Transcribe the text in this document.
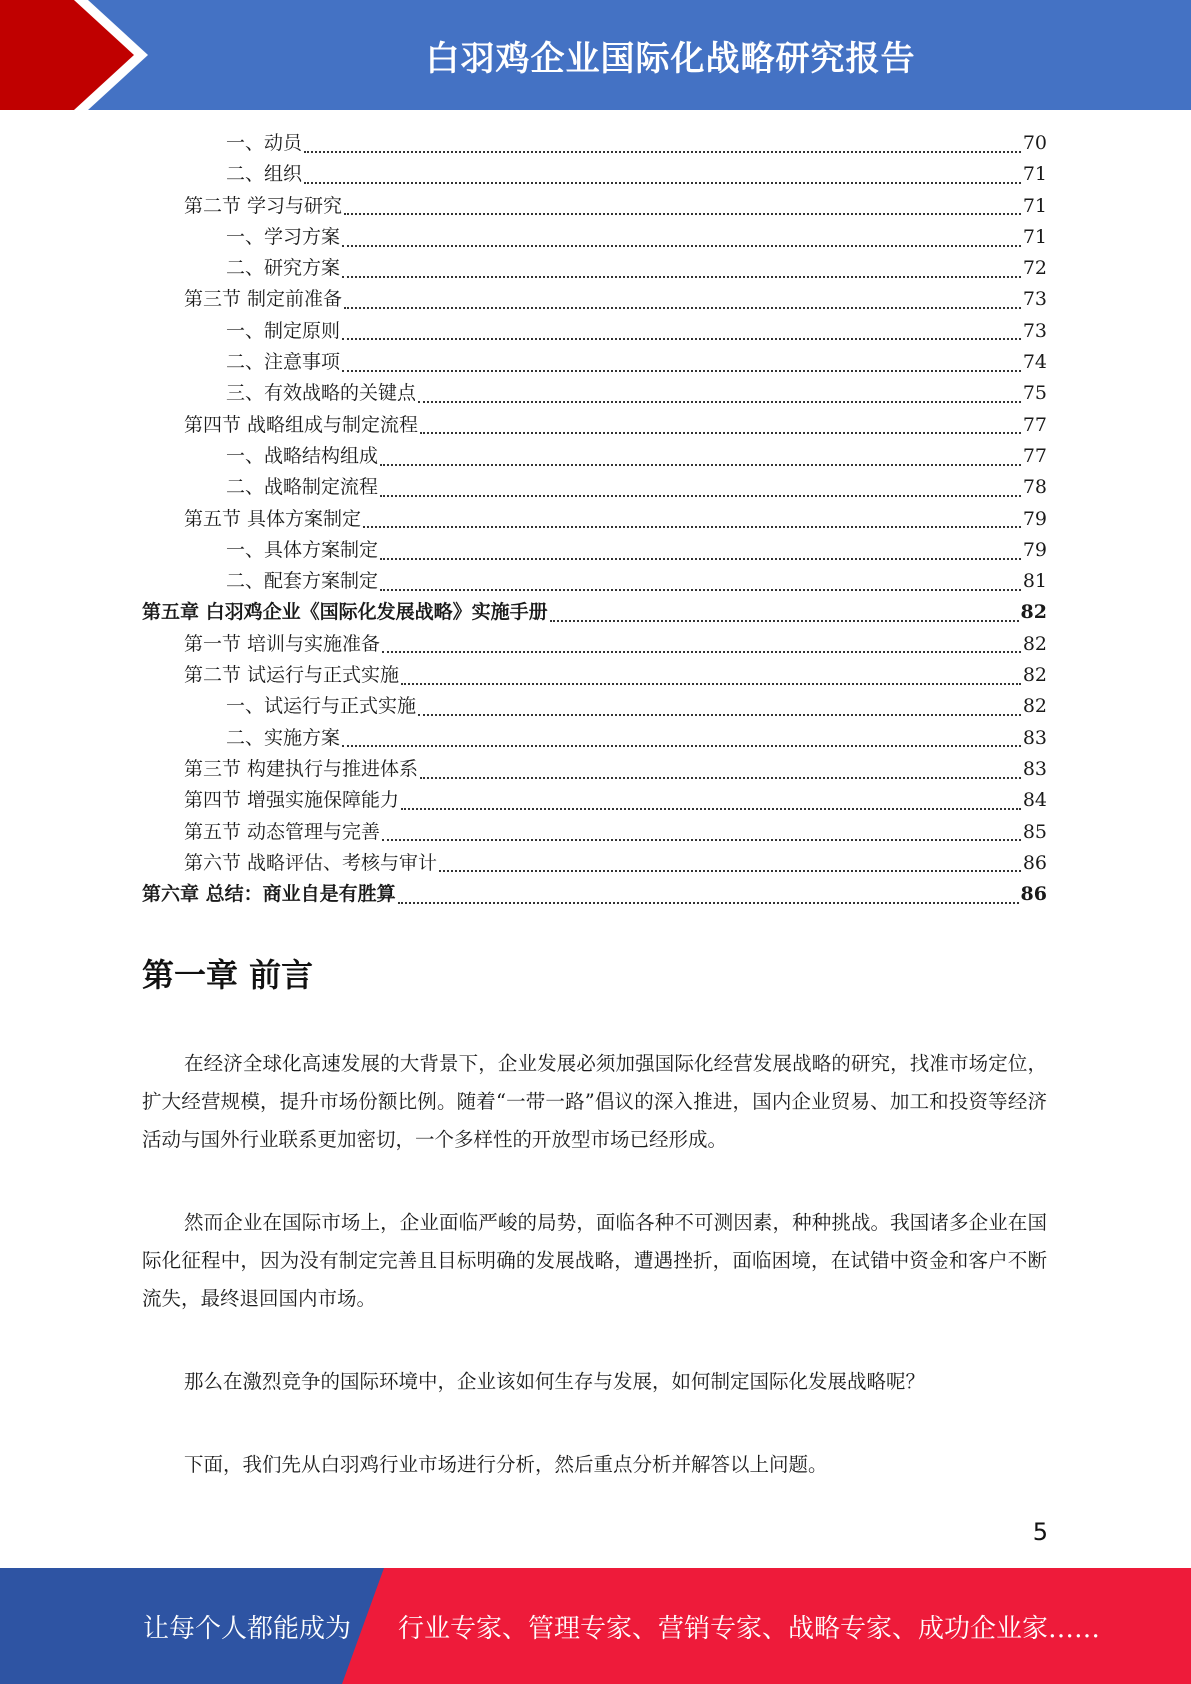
白羽鸡企业国际化战略研究报告
一、动员	70
二、组织	71
第二节 学习与研究	71
一、学习方案	71
二、研究方案	72
第三节 制定前准备	73
一、制定原则	73
二、注意事项	74
三、有效战略的关键点	75
第四节 战略组成与制定流程	77
一、战略结构组成	77
二、战略制定流程	78
第五节 具体方案制定	79
一、具体方案制定	79
二、配套方案制定	81
第五章 白羽鸡企业《国际化发展战略》实施手册	82
第一节 培训与实施准备	82
第二节 试运行与正式实施	82
一、试运行与正式实施	82
二、实施方案	83
第三节 构建执行与推进体系	83
第四节 增强实施保障能力	84
第五节 动态管理与完善	85
第六节 战略评估、考核与审计	86
第六章 总结：商业自是有胜算	86
第一章 前言

在经济全球化高速发展的大背景下，企业发展必须加强国际化经营发展战略的研究，找准市场定位，扩大经营规模，提升市场份额比例。随着“一带一路”倡议的深入推进，国内企业贸易、加工和投资等经济活动与国外行业联系更加密切，一个多样性的开放型市场已经形成。

然而企业在国际市场上，企业面临严峻的局势，面临各种不可测因素，种种挑战。我国诸多企业在国际化征程中，因为没有制定完善且目标明确的发展战略，遭遇挫折，面临困境，在试错中资金和客户不断流失，最终退回国内市场。

那么在激烈竞争的国际环境中，企业该如何生存与发展，如何制定国际化发展战略呢？

下面，我们先从白羽鸡行业市场进行分析，然后重点分析并解答以上问题。

5
让每个人都能成为 行业专家、管理专家、营销专家、战略专家、成功企业家……
